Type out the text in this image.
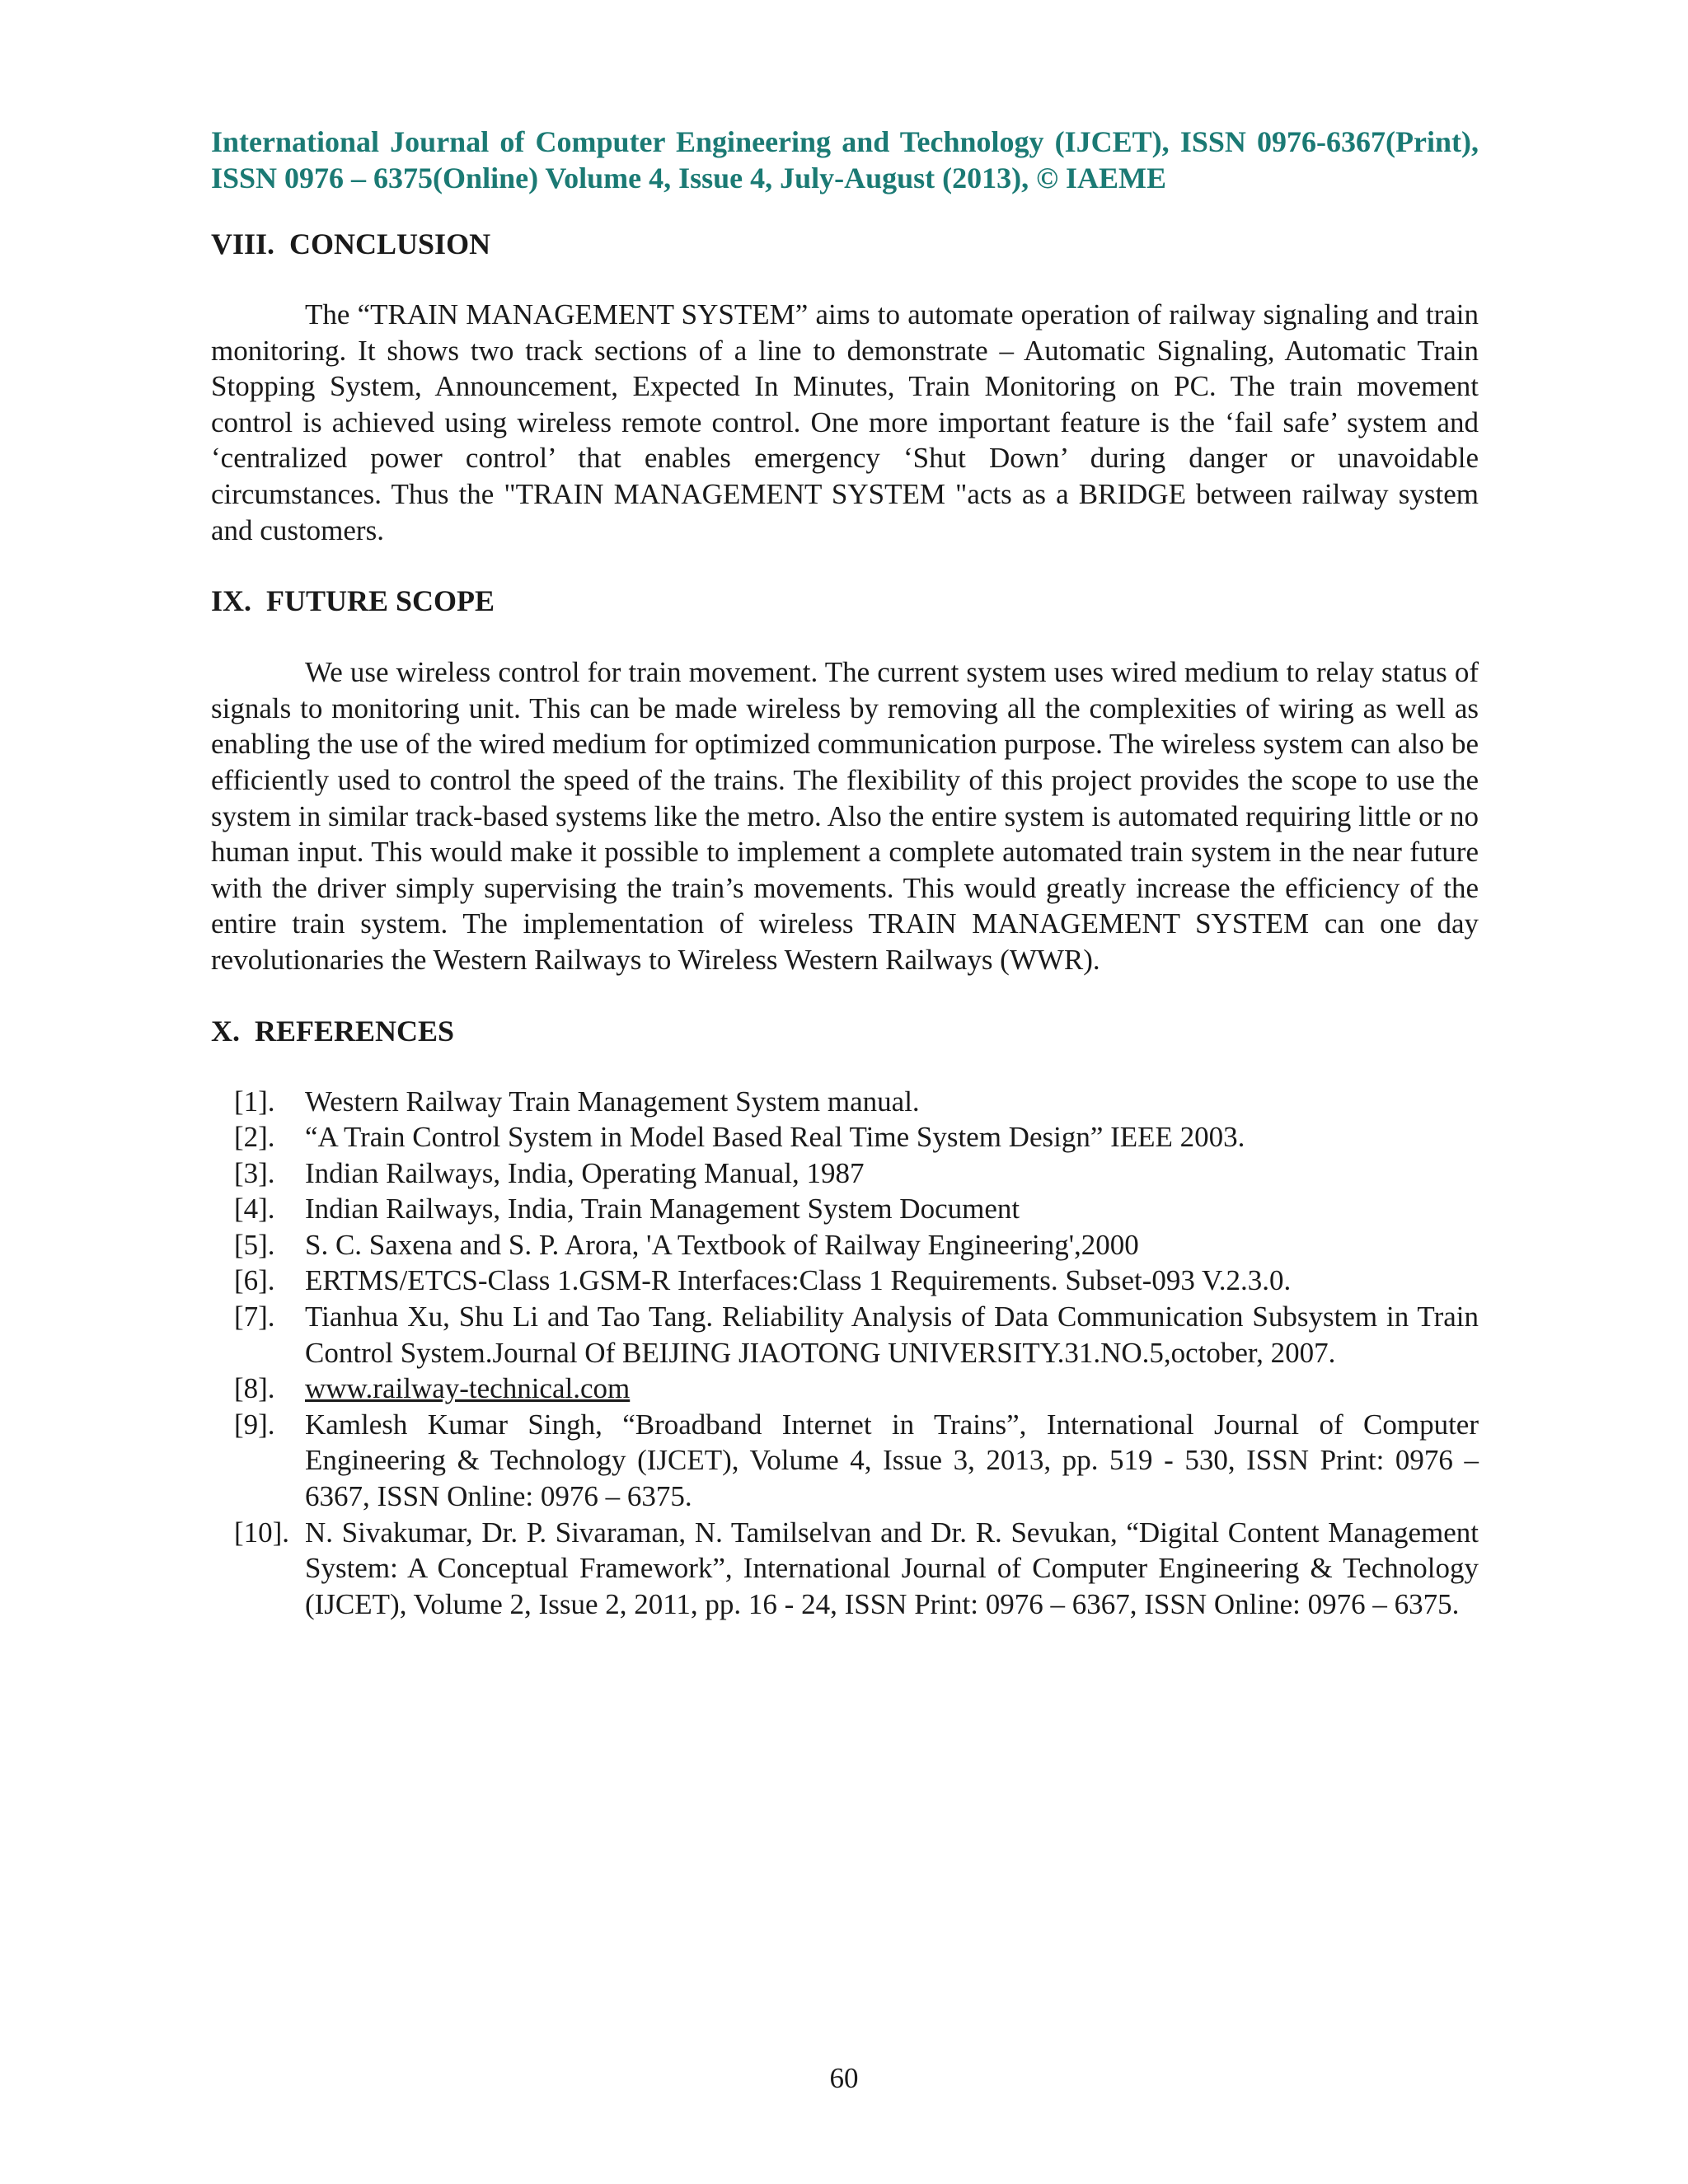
International Journal of Computer Engineering and Technology (IJCET), ISSN 0976-6367(Print), ISSN 0976 – 6375(Online) Volume 4, Issue 4, July-August (2013), © IAEME

VIII.  CONCLUSION

The “TRAIN MANAGEMENT SYSTEM” aims to automate operation of railway signaling and train monitoring. It shows two track sections of a line to demonstrate – Automatic Signaling, Automatic Train Stopping System, Announcement, Expected In Minutes, Train Monitoring on PC. The train movement control is achieved using wireless remote control. One more important feature is the ‘fail safe’ system and ‘centralized power control’ that enables emergency ‘Shut Down’ during danger or unavoidable circumstances. Thus the "TRAIN MANAGEMENT SYSTEM "acts as a BRIDGE between railway system and customers.

IX.  FUTURE SCOPE

We use wireless control for train movement. The current system uses wired medium to relay status of signals to monitoring unit. This can be made wireless by removing all the complexities of wiring as well as enabling the use of the wired medium for optimized communication purpose. The wireless system can also be efficiently used to control the speed of the trains. The flexibility of this project provides the scope to use the system in similar track-based systems like the metro. Also the entire system is automated requiring little or no human input. This would make it possible to implement a complete automated train system in the near future with the driver simply supervising the train’s movements. This would greatly increase the efficiency of the entire train system. The implementation of wireless TRAIN MANAGEMENT SYSTEM can one day revolutionaries the Western Railways to Wireless Western Railways (WWR).

X.  REFERENCES
[1].	Western Railway Train Management System manual.
[2].	“A Train Control System in Model Based Real Time System Design” IEEE 2003.
[3].	Indian Railways, India, Operating Manual, 1987
[4].	Indian Railways, India, Train Management System Document
[5].	S. C. Saxena and S. P. Arora, 'A Textbook of Railway Engineering',2000
[6].	ERTMS/ETCS-Class 1.GSM-R Interfaces:Class 1 Requirements. Subset-093 V.2.3.0.
[7].	Tianhua Xu, Shu Li and Tao Tang. Reliability Analysis of Data Communication Subsystem in Train Control System.Journal Of BEIJING JIAOTONG UNIVERSITY.31.NO.5,october, 2007.
[8].	www.railway-technical.com
[9].	Kamlesh Kumar Singh, “Broadband Internet in Trains”, International Journal of Computer Engineering & Technology (IJCET), Volume 4, Issue 3, 2013, pp. 519 - 530, ISSN Print: 0976 – 6367, ISSN Online: 0976 – 6375.
[10]. N. Sivakumar, Dr. P. Sivaraman, N. Tamilselvan and Dr. R. Sevukan, “Digital Content Management System: A Conceptual Framework”, International Journal of Computer Engineering & Technology (IJCET), Volume 2, Issue 2, 2011, pp. 16 - 24, ISSN Print: 0976 – 6367, ISSN Online: 0976 – 6375.
60
